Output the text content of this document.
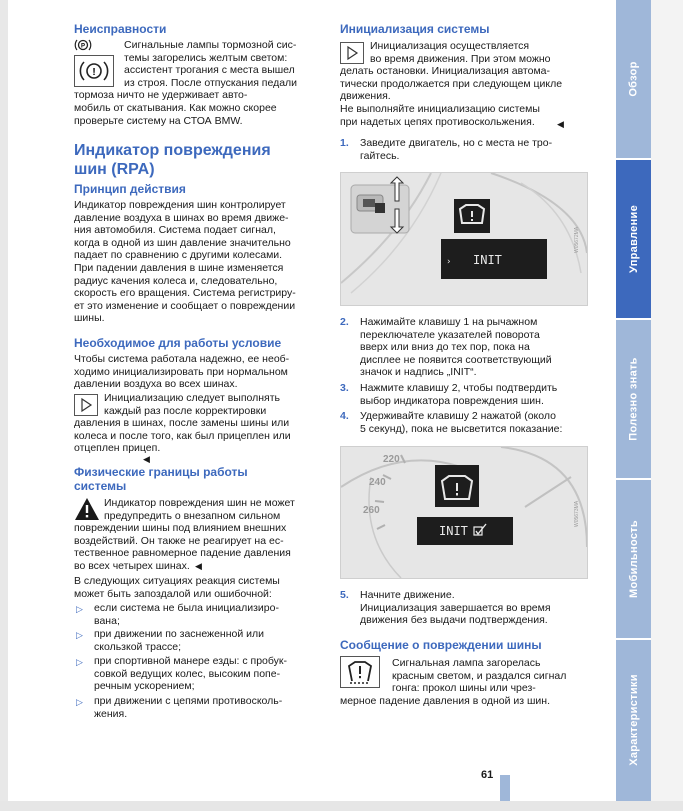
Неисправности
P
!

Сигнальные лампы тормозной сис-

темы загорелись желтым светом:

ассистент трогания с места вышел

из строя. После отпускания педали

тормоза ничто не удерживает авто-

мобиль от скатывания. Как можно скорее

проверьте систему на СТОА BMW.

Индикатор повреждения

шин (RPA)

Принцип действия

Индикатор повреждения шин контролирует

давление воздуха в шинах во время движе-

ния автомобиля. Система подает сигнал,

когда в одной из шин давление значительно

падает по сравнению с другими колесами.

При падении давления в шине изменяется

радиус качения колеса и, следовательно,

скорость его вращения. Система регистриру-

ет это изменение и сообщает о повреждении

шины.

Необходимое для работы условие

Чтобы система работала надежно, ее необ-

ходимо инициализировать при нормальном

давлении воздуха во всех шинах.

Инициализацию следует выполнять

каждый раз после корректировки

давления в шинах, после замены шины или

колеса и после того, как был прицеплен или

отцеплен прицеп.

◀

Физические границы работы

системы

Индикатор повреждения шин не может

предупредить о внезапном сильном

повреждении шины под влиянием внешних

воздействий. Он также не реагирует на ес-

тественное равномерное падение давления

во всех четырех шинах. ◀

В следующих ситуациях реакция системы

может быть запоздалой или ошибочной:

▷ если система не была инициализиро-

вана;

▷ при движении по заснеженной или

скользкой трассе;

▷ при спортивной манере езды: с пробук-

совкой ведущих колес, высоким попе-

речным ускорением;

▷ при движении с цепями противосколь-

жения.

Инициализация системы

Инициализация осуществляется

во время движения. При этом можно

делать остановки. Инициализация автома-

тически продолжается при следующем цикле

движения.

Не выполняйте инициализацию системы

при надетых цепях противоскольжения.	◀
1. Заведите двигатель, но с места не тро-

гайтесь.

› INIT
W05672MA
2. Нажимайте клавишу 1 на рычажном

переключателе указателей поворота

вверх или вниз до тех пор, пока на

дисплее не появится соответствующий

значок и надпись „INIT“.

3. Нажмите клавишу 2, чтобы подтвердить

выбор индикатора повреждения шин.

4. Удерживайте клавишу 2 нажатой (около

5 секунд), пока не высветится показание:

220
240
260
INIT
W05673MA
5. Начните движение.

Инициализация завершается во время

движения без выдачи подтверждения.

Сообщение о повреждении шины

Сигнальная лампа загорелась

красным светом, и раздался сигнал

гонга: прокол шины или чрез-

мерное падение давления в одной из шин.

Обзор
Управление
Полезно знать
Мобильность
Характеристики
61
